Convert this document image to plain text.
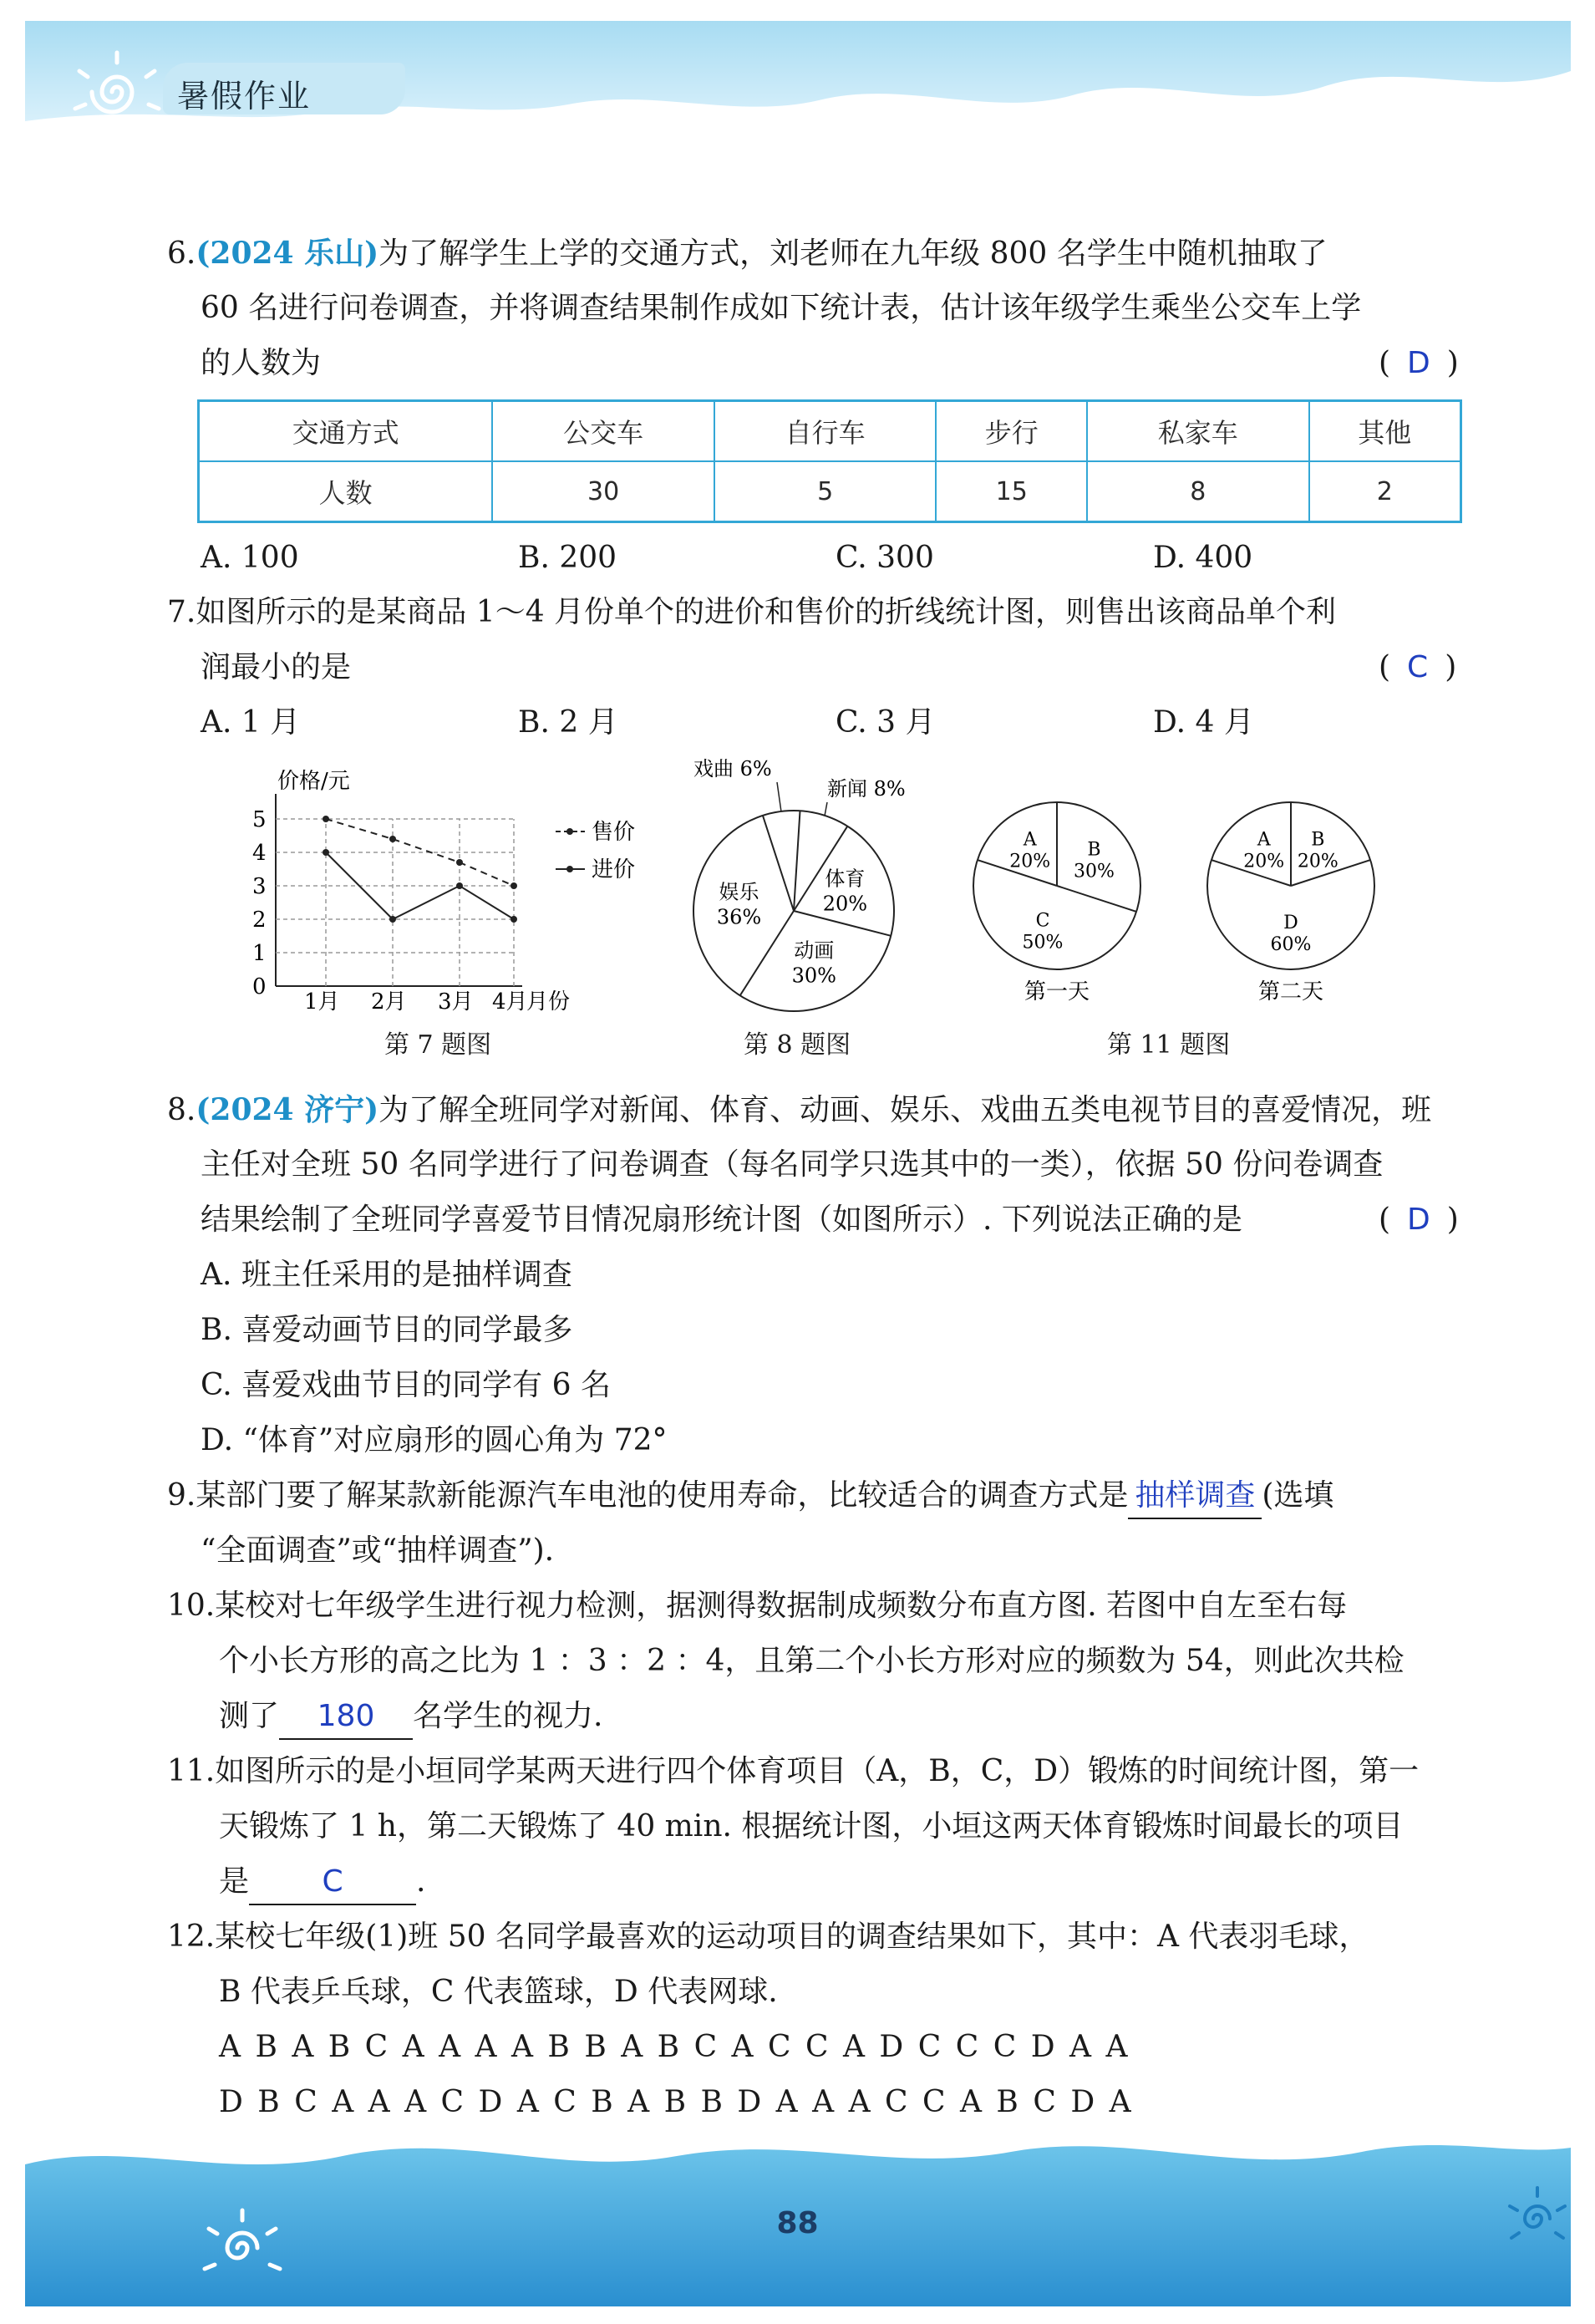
暑假作业
6.(2024 乐山)为了解学生上学的交通方式，刘老师在九年级 800 名学生中随机抽取了
60 名进行问卷调查，并将调查结果制作成如下统计表，估计该年级学生乘坐公交车上学
的人数为	( D )
交通方式	公交车	自行车	步行	私家车	其他
人数	30	5	15	8	2
A. 100	B. 200	C. 300	D. 400
7.如图所示的是某商品 1～4 月份单个的进价和售价的折线统计图，则售出该商品单个利
润最小的是	( C )
A. 1 月	B. 2 月	C. 3 月	D. 4 月
价格/元
0
1
2
3
4
5
1月 2月 3月 4月
月份
售价
进价
第 7 题图
戏曲 6%
新闻 8%
体育
20%
动画
30%
娱乐
36%
第 8 题图
A
20%
B
30%
C
50%
第一天
A
20%
B
20%
D
60%
第二天
第 11 题图
8.(2024 济宁)为了解全班同学对新闻、体育、动画、娱乐、戏曲五类电视节目的喜爱情况，班
主任对全班 50 名同学进行了问卷调查（每名同学只选其中的一类），依据 50 份问卷调查
结果绘制了全班同学喜爱节目情况扇形统计图（如图所示）. 下列说法正确的是	( D )
A. 班主任采用的是抽样调查
B. 喜爱动画节目的同学最多
C. 喜爱戏曲节目的同学有 6 名
D. “体育”对应扇形的圆心角为 72°
9.某部门要了解某款新能源汽车电池的使用寿命，比较适合的调查方式是 抽样调查 (选填
“全面调查”或“抽样调查”).
10.某校对七年级学生进行视力检测，据测得数据制成频数分布直方图. 若图中自左至右每
个小长方形的高之比为 1 ：3 ：2 ：4，且第二个小长方形对应的频数为 54，则此次共检
测了 180 名学生的视力.
11.如图所示的是小垣同学某两天进行四个体育项目（A，B，C，D）锻炼的时间统计图，第一
天锻炼了 1 h，第二天锻炼了 40 min. 根据统计图，小垣这两天体育锻炼时间最长的项目
是 C .
12.某校七年级(1)班 50 名同学最喜欢的运动项目的调查结果如下，其中：A 代表羽毛球，
B 代表乒乓球，C 代表篮球，D 代表网球.
A B A B C A A A A B B A B C A C C A D C C C D A A
D B C A A A C D A C B A B B D A A A C C A B C D A
88
